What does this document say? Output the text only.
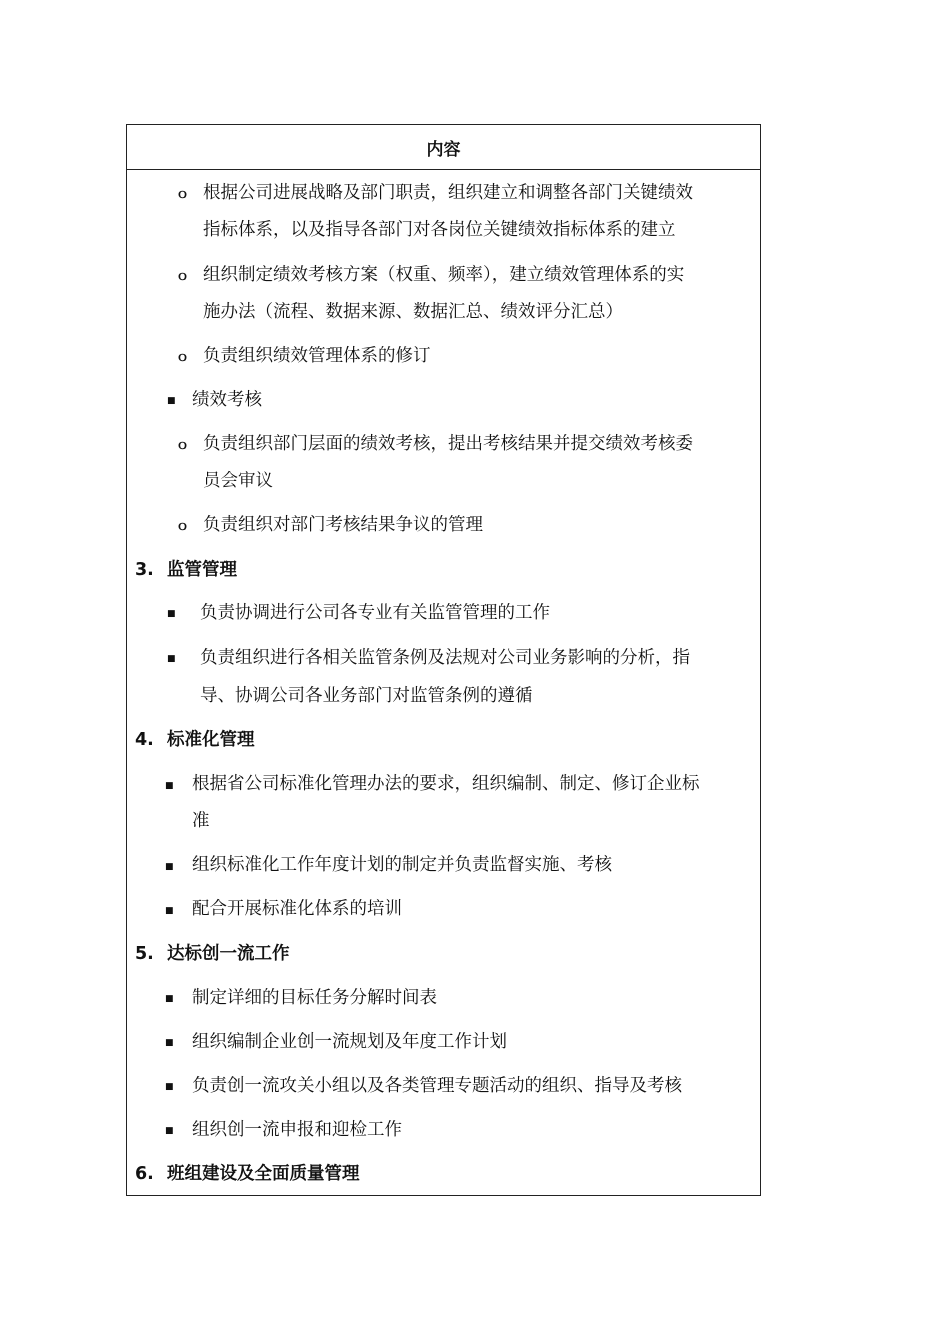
内容
ｏ 根据公司进展战略及部门职责，组织建立和调整各部门关键绩效
指标体系，以及指导各部门对各岗位关键绩效指标体系的建立
ｏ 组织制定绩效考核方案（权重、频率），建立绩效管理体系的实
施办法（流程、数据来源、数据汇总、绩效评分汇总）
ｏ 负责组织绩效管理体系的修订
■ 绩效考核
ｏ 负责组织部门层面的绩效考核，提出考核结果并提交绩效考核委
员会审议
ｏ 负责组织对部门考核结果争议的管理
3. 监管管理
■ 负责协调进行公司各专业有关监管管理的工作
■ 负责组织进行各相关监管条例及法规对公司业务影响的分析，指
导、协调公司各业务部门对监管条例的遵循
4. 标准化管理
■ 根据省公司标准化管理办法的要求，组织编制、制定、修订企业标
准
■ 组织标准化工作年度计划的制定并负责监督实施、考核
■ 配合开展标准化体系的培训
5. 达标创一流工作
■ 制定详细的目标任务分解时间表
■ 组织编制企业创一流规划及年度工作计划
■ 负责创一流攻关小组以及各类管理专题活动的组织、指导及考核
■ 组织创一流申报和迎检工作
6. 班组建设及全面质量管理
